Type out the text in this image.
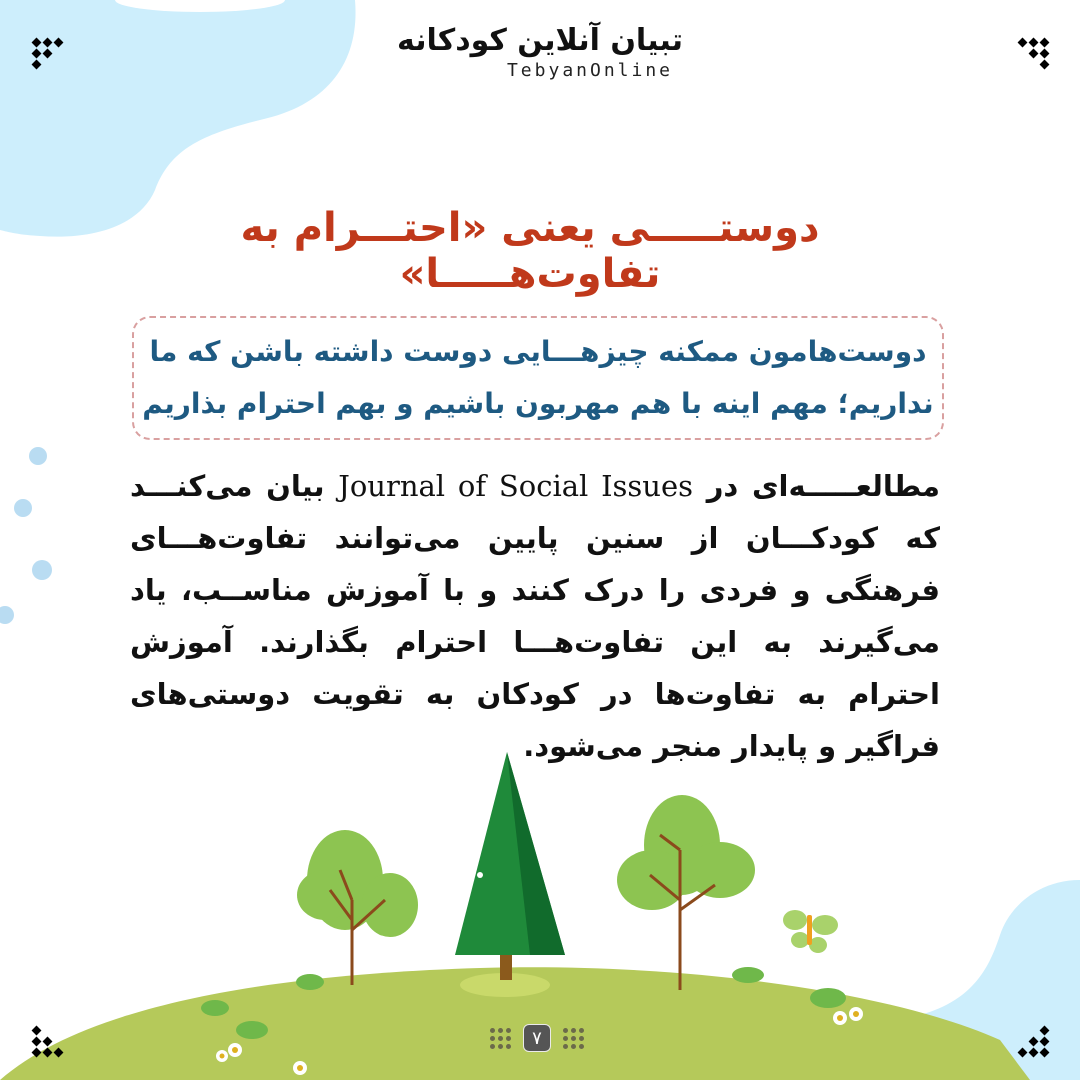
تبیان آنلاین کودکانه
TebyanOnline
دوستـــــی یعنی «احتـــرام به تفاوت‌هـــــا»
دوست‌هامون ممکنه چیزهـــایی دوست داشته باشن که ما
نداریم؛ مهم اینه با هم مهربون باشیم و بهم احترام بذاریم
مطالعـــــه‌ای در Journal of Social Issues بیان می‌کنـــد که کودکـــان از سنین پایین می‌توانند تفاوت‌هـــای فرهنگی و فردی را درک کنند و با آموزش مناســب، یاد می‌گیرند به این تفاوت‌هـــا احترام بگذارند. آموزش احترام به تفاوت‌ها در کودکان به تقویت دوستی‌های فراگیر و پایدار منجر می‌شود.
۷
